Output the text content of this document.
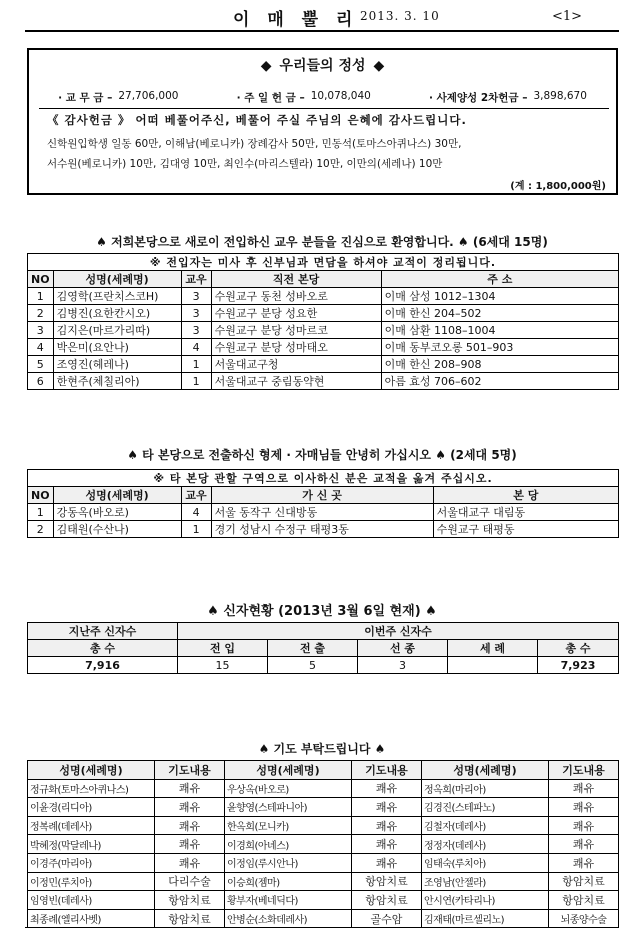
이 매 뿔 리 2013. 3. 10	<1>
◆ 우리들의 정성 ◆
· 교 무 금 – 27,706,000	· 주 일 헌 금 – 10,078,040	· 사제양성 2차헌금 – 3,898,670
《 감사헌금 》 어떠 베풀어주신, 베풀어 주실 주님의 은혜에 감사드립니다.
신학원입학생 일동 60만, 이해남(베로니카) 장례감사 50만, 민동석(토마스아퀴나스) 30만,
서수원(베로니카) 10만, 김대영 10만, 최인수(마리스텔라) 10만, 이만의(세레나) 10만
(계 : 1,800,000원)
♠ 저희본당으로 새로이 전입하신 교우 분들을 진심으로 환영합니다. ♠ (6세대 15명)
※ 전입자는 미사 후 신부님과 면담을 하셔야 교적이 정리됩니다.				
NO	성명(세례명)	교우	직전 본당	주 소
1	김영학(프란치스코H)	3	수원교구 동천 성바오로	이매 삼성 1012–1304
2	김병진(요한칸시오)	3	수원교구 분당 성요한	이매 한신 204–502
3	김지은(마르가리따)	3	수원교구 분당 성마르코	이매 삼환 1108–1004
4	박은미(요안나)	4	수원교구 분당 성마태오	이매 동부코오롱 501–903
5	조영진(헤레나)	1	서울대교구청	이매 한신 208–908
6	한현주(체칠리아)	1	서울대교구 중림동약현	아름 효성 706–602
♠ 타 본당으로 전출하신 형제 · 자매님들 안녕히 가십시오 ♠ (2세대 5명)
※ 타 본당 관할 구역으로 이사하신 분은 교적을 옮겨 주십시오.				
NO	성명(세례명)	교우	가 신 곳	본 당
1	강동옥(바오로)	4	서울 동작구 신대방동	서울대교구 대림동
2	김태원(수산나)	1	경기 성남시 수정구 태평3동	수원교구 태평동
♠ 신자현황 (2013년 3월 6일 현재) ♠
지난주 신자수	이번주 신자수				
총 수	전 입	전 출	선 종	세 례	총 수
7,916	15	5	3		7,923
♠ 기도 부탁드립니다 ♠
성명(세례명)	기도내용	성명(세례명)	기도내용	성명(세례명)	기도내용
정규화(토마스아퀴나스)	쾌유	우상옥(바오로)	쾌유	정옥희(마리아)	쾌유
이윤경(리디아)	쾌유	윤향영(스테파니아)	쾌유	김경진(스테파노)	쾌유
정복례(데레사)	쾌유	한옥희(모니카)	쾌유	김철자(데레사)	쾌유
박혜정(막달레나)	쾌유	이경희(아녜스)	쾌유	정정자(데레사)	쾌유
이경주(마리아)	쾌유	이정임(루시안나)	쾌유	임태숙(루치아)	쾌유
이정민(루치아)	다리수술	이승희(젬마)	항암치료	조영남(안젤라)	항암치료
임영빈(데레사)	항암치료	황부자(베네딕다)	항암치료	안시연(카타리나)	항암치료
최종례(엘리사벳)	항암치료	안병순(소화데레사)	골수암	김재태(마르셀리노)	뇌종양수술
